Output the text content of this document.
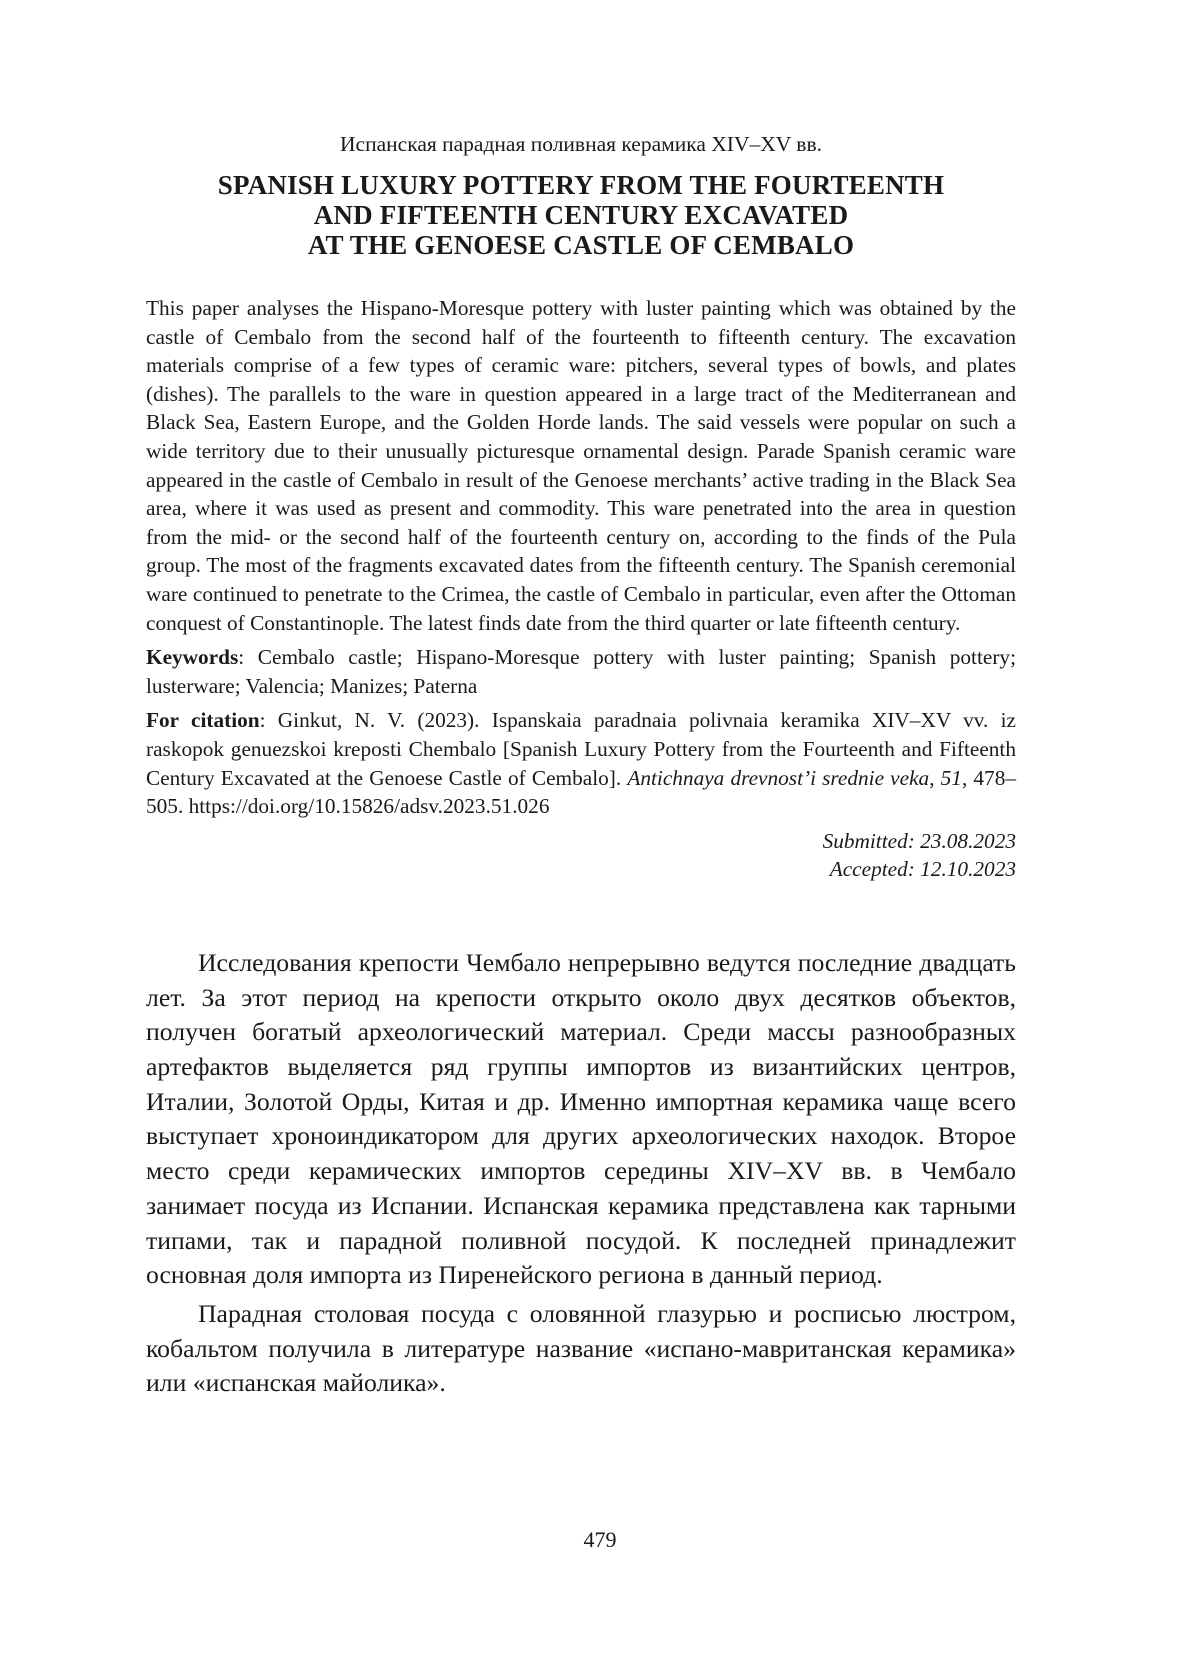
Испанская парадная поливная керамика XIV–XV вв.
SPANISH LUXURY POTTERY FROM THE FOURTEENTH
AND FIFTEENTH CENTURY EXCAVATED
AT THE GENOESE CASTLE OF CEMBALO

This paper analyses the Hispano-Moresque pottery with luster painting which was obtained by the castle of Cembalo from the second half of the fourteenth to fifteenth century. The excavation materials comprise of a few types of ceramic ware: pitchers, several types of bowls, and plates (dishes). The parallels to the ware in question appeared in a large tract of the Mediterranean and Black Sea, Eastern Europe, and the Golden Horde lands. The said vessels were popular on such a wide territory due to their unusually picturesque ornamental design. Parade Spanish ceramic ware appeared in the castle of Cembalo in result of the Genoese merchants’ active trading in the Black Sea area, where it was used as present and commodity. This ware penetrated into the area in question from the mid- or the second half of the fourteenth century on, according to the finds of the Pula group. The most of the fragments excavated dates from the fifteenth century. The Spanish ceremonial ware continued to penetrate to the Crimea, the castle of Cembalo in particular, even after the Ottoman conquest of Constantinople. The latest finds date from the third quarter or late fifteenth century.

Keywords: Cembalo castle; Hispano-Moresque pottery with luster painting; Spanish pottery; lusterware; Valencia; Manizes; Paterna

For citation: Ginkut, N. V. (2023). Ispanskaia paradnaia polivnaia keramika XIV–XV vv. iz raskopok genuezskoi kreposti Chembalo [Spanish Luxury Pottery from the Fourteenth and Fifteenth Century Excavated at the Genoese Castle of Cembalo]. Antichnaya drevnost’i srednie veka, 51, 478–505. https://doi.org/10.15826/adsv.2023.51.026

Submitted: 23.08.2023
Accepted: 12.10.2023

Исследования крепости Чембало непрерывно ведутся последние двадцать лет. За этот период на крепости открыто около двух десятков объектов, получен богатый археологический материал. Среди массы разнообразных артефактов выделяется ряд группы импортов из византийских центров, Италии, Золотой Орды, Китая и др. Именно импортная керамика чаще всего выступает хроноиндикатором для других археологических находок. Второе место среди керамических импортов середины XIV–XV вв. в Чембало занимает посуда из Испании. Испанская керамика представлена как тарными типами, так и парадной поливной посудой. К последней принадлежит основная доля импорта из Пиренейского региона в данный период.

Парадная столовая посуда с оловянной глазурью и росписью люстром, кобальтом получила в литературе название «испано-мавританская керамика» или «испанская майолика».

479
